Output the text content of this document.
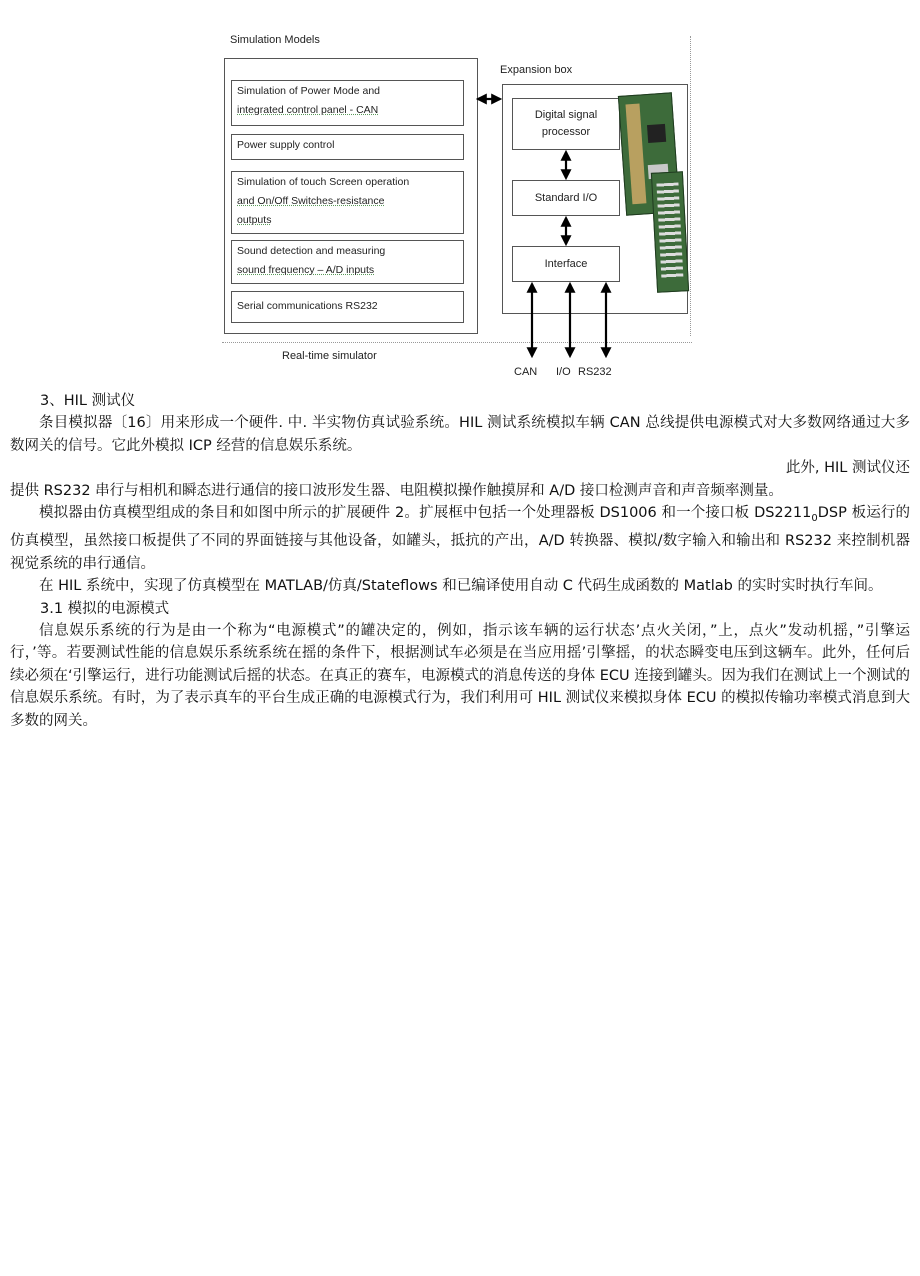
Simulation Models
Expansion box
Simulation of Power Mode and
integrated control panel - CAN
Power supply control
Simulation of touch Screen operation
and On/Off Switches-resistance
outputs
Sound detection and measuring
sound frequency – A/D inputs
Serial communications RS232
Digital signal
processor
Standard I/O
Interface
Real-time simulator
CAN I/O RS232

3、HIL 测试仪

条目模拟器〔16〕用来形成一个硬件. 中. 半实物仿真试验系统。HIL 测试系统模拟车辆 CAN 总线提供电源模式对大多数网络通过大多数网关的信号。它此外模拟 ICP 经营的信息娱乐系统。

此外, HIL 测试仪还

提供 RS232 串行与相机和瞬态进行通信的接口波形发生器、电阻模拟操作触摸屏和 A/D 接口检测声音和声音频率测量。

模拟器由仿真模型组成的条目和如图中所示的扩展硬件 2。扩展框中包括一个处理器板 DS1006 和一个接口板 $DS2211_0DSP$ 板运行的仿真模型，虽然接口板提供了不同的界面链接与其他设备，如罐头，抵抗的产出，A/D 转换器、模拟/数字输入和输出和 RS232 来控制机器视觉系统的串行通信。

在 HIL 系统中，实现了仿真模型在 MATLAB/仿真/Stateflows 和已编译使用自动 C 代码生成函数的 Matlab 的实时实时执行车间。

3.1 模拟的电源模式

信息娱乐系统的行为是由一个称为“电源模式”的罐决定的，例如，指示该车辆的运行状态’点火关闭，”上，点火”发动机摇，”引擎运行，’等。若要测试性能的信息娱乐系统系统在摇的条件下，根据测试车必须是在当应用摇’引擎摇，的状态瞬变电压到这辆车。此外，任何后续必须在‘引擎运行，进行功能测试后摇的状态。在真正的赛车，电源模式的消息传送的身体 ECU 连接到罐头。因为我们在测试上一个测试的信息娱乐系统。有时，为了表示真车的平台生成正确的电源模式行为，我们利用可 HIL 测试仪来模拟身体 ECU 的模拟传输功率模式消息到大多数的网关。
